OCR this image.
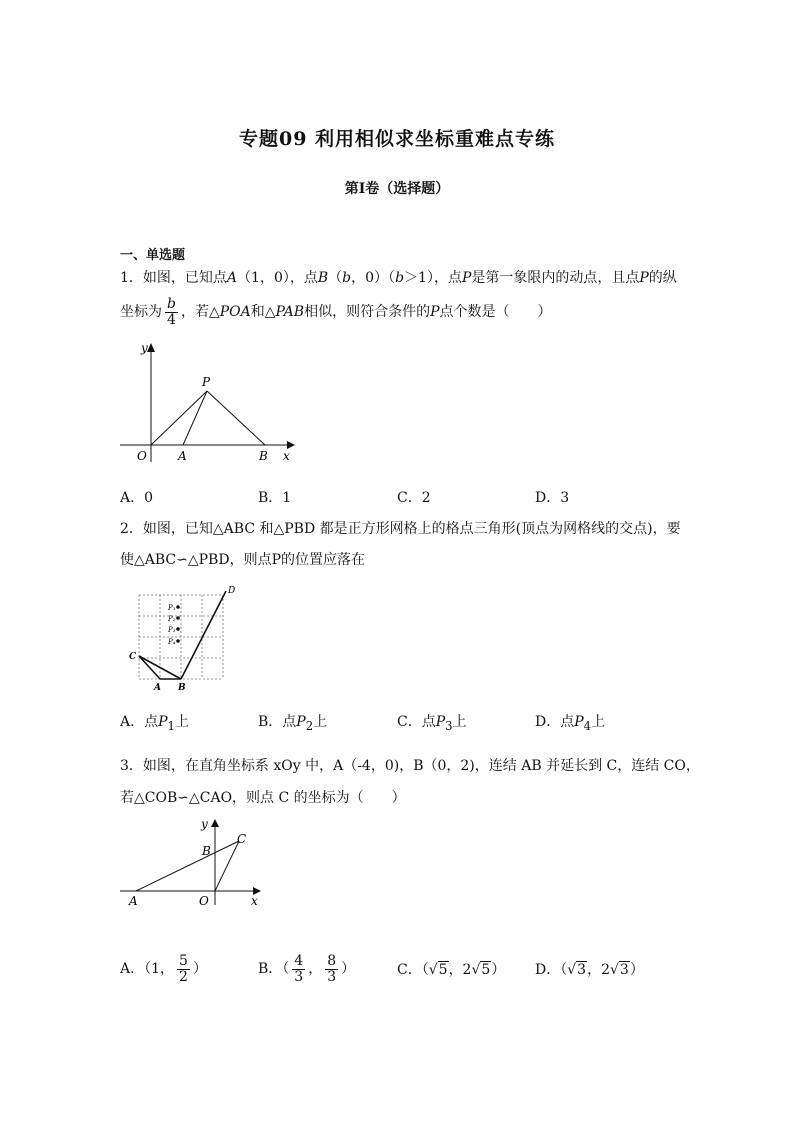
专题09 利用相似求坐标重难点专练
第I卷（选择题）
一、单选题
1．如图，已知点A（1，0），点B（b，0）（b＞1），点P是第一象限内的动点，且点P的纵
坐标为 $\frac{b}{4}$ ，若△POA和△PAB相似，则符合条件的P点个数是（　　）
y
P
O	A	B x
A．0	B．1	C．2	D．3
2．如图，已知△ABC 和△PBD 都是正方形网格上的格点三角形(顶点为网格线的交点)，要
使△ABC∽△PBD，则点P的位置应落在
D
C
A B
P₁
P₂
P₃
P₄
A．点$P_1$上	B．点$P_2$上	C．点$P_3$上	D．点$P_4$上
3．如图，在直角坐标系 xOy 中，A（-4，0)，B（0，2)，连结 AB 并延长到 C，连结 CO，
若△COB∽△CAO，则点 C 的坐标为（　　）
y
C
B
A	O	x
A．（1， $\frac{5}{2}$ ）	B．（ $\frac{4}{3}$ ， $\frac{8}{3}$ ）	C．（√5，2√5） D．（√3，2√3）
